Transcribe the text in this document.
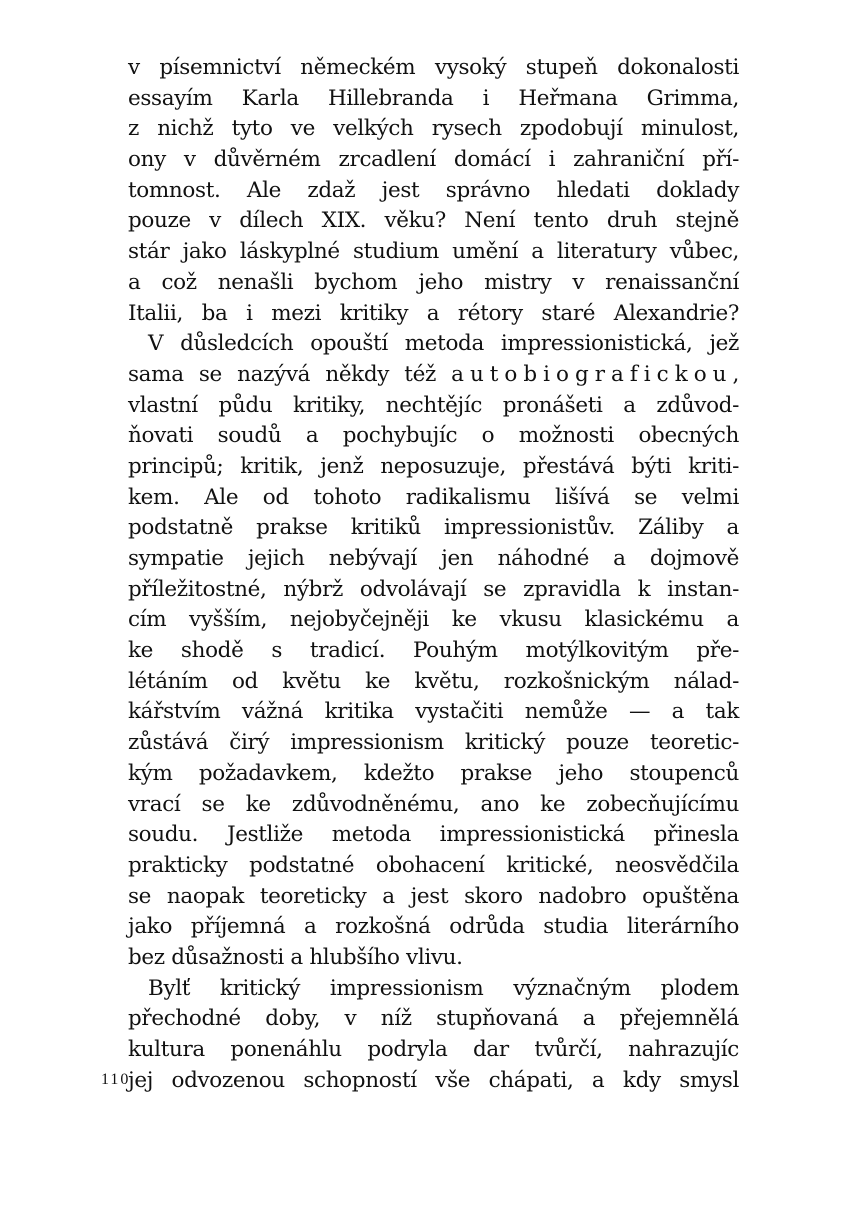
v písemnictví německém vysoký stupeň dokonalosti
essayím Karla Hillebranda i Heřmana Grimma,
z nichž tyto ve velkých rysech zpodobují minulost,
ony v důvěrném zrcadlení domácí i zahraniční pří-
tomnost. Ale zdaž jest správno hledati doklady
pouze v dílech XIX. věku? Není tento druh stejně
stár jako láskyplné studium umění a literatury vůbec,
a což nenašli bychom jeho mistry v renaissanční
Italii, ba i mezi kritiky a rétory staré Alexandrie?
V důsledcích opouští metoda impressionistická, jež
sama se nazývá někdy též autobiografickou,
vlastní půdu kritiky, nechtějíc pronášeti a zdůvod-
ňovati soudů a pochybujíc o možnosti obecných
principů; kritik, jenž neposuzuje, přestává býti kriti-
kem. Ale od tohoto radikalismu lišívá se velmi
podstatně prakse kritiků impressionistův. Záliby a
sympatie jejich nebývají jen náhodné a dojmově
příležitostné, nýbrž odvolávají se zpravidla k instan-
cím vyšším, nejobyčejněji ke vkusu klasickému a
ke shodě s tradicí. Pouhým motýlkovitým pře-
létáním od květu ke květu, rozkošnickým nálad-
kářstvím vážná kritika vystačiti nemůže — a tak
zůstává čirý impressionism kritický pouze teoretic-
kým požadavkem, kdežto prakse jeho stoupenců
vrací se ke zdůvodněnému, ano ke zobecňujícímu
soudu. Jestliže metoda impressionistická přinesla
prakticky podstatné obohacení kritické, neosvědčila
se naopak teoreticky a jest skoro nadobro opuštěna
jako příjemná a rozkošná odrůda studia literárního
bez důsažnosti a hlubšího vlivu.
Bylť kritický impressionism význačným plodem
přechodné doby, v níž stupňovaná a přejemnělá
kultura ponenáhlu podryla dar tvůrčí, nahrazujíc
jej odvozenou schopností vše chápati, a kdy smysl
110
